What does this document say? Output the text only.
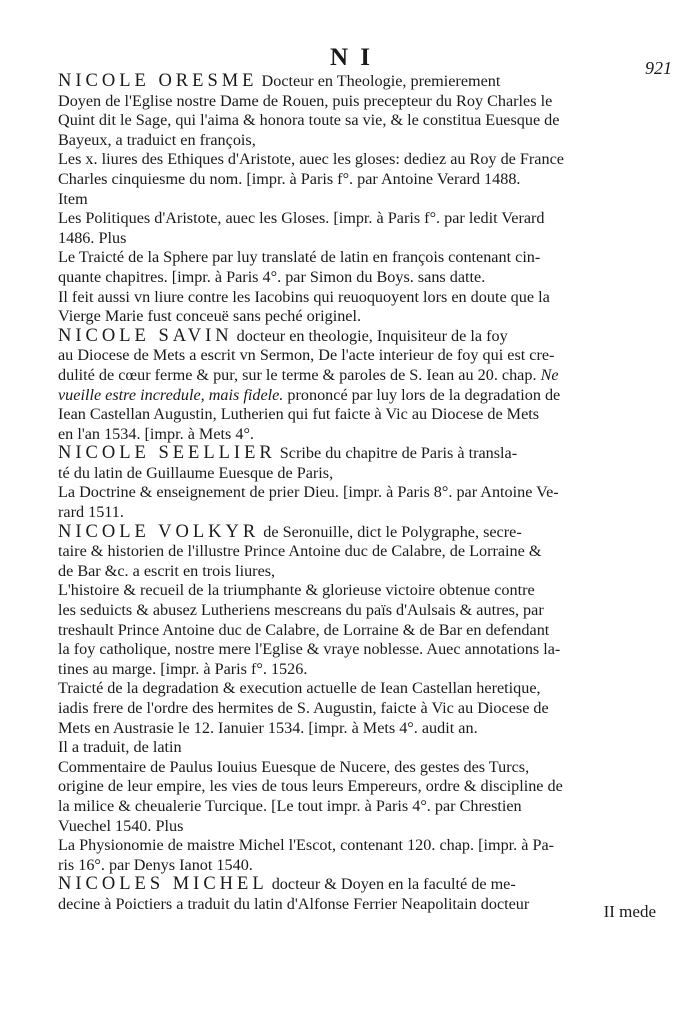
N I	921
NICOLE ORESME Docteur en Theologie, premierement
Doyen de l'Eglise nostre Dame de Rouen, puis precepteur du Roy Charles le
Quint dit le Sage, qui l'aima & honora toute sa vie, & le constitua Euesque de
Bayeux, a traduict en françois,
Les x. liures des Ethiques d'Aristote, auec les gloses: dediez au Roy de France
Charles cinquiesme du nom. [impr. à Paris f°. par Antoine Verard 1488.
Item
Les Politiques d'Aristote, auec les Gloses. [impr. à Paris f°. par ledit Verard
1486. Plus
Le Traicté de la Sphere par luy translaté de latin en françois contenant cin-
quante chapitres. [impr. à Paris 4°. par Simon du Boys. sans datte.
Il feit aussi vn liure contre les Iacobins qui reuoquoyent lors en doute que la
Vierge Marie fust conceuë sans peché originel.
NICOLE SAVIN docteur en theologie, Inquisiteur de la foy
au Diocese de Mets a escrit vn Sermon, De l'acte interieur de foy qui est cre-
dulité de cœur ferme & pur, sur le terme & paroles de S. Iean au 20. chap. Ne
vueille estre incredule, mais fidele. prononcé par luy lors de la degradation de
Iean Castellan Augustin, Lutherien qui fut faicte à Vic au Diocese de Mets
en l'an 1534. [impr. à Mets 4°.
NICOLE SEELLIER Scribe du chapitre de Paris à transla-
té du latin de Guillaume Euesque de Paris,
La Doctrine & enseignement de prier Dieu. [impr. à Paris 8°. par Antoine Ve-
rard 1511.
NICOLE VOLKYR de Seronuille, dict le Polygraphe, secre-
taire & historien de l'illustre Prince Antoine duc de Calabre, de Lorraine &
de Bar &c. a escrit en trois liures,
L'histoire & recueil de la triumphante & glorieuse victoire obtenue contre
les seduicts & abusez Lutheriens mescreans du païs d'Aulsais & autres, par
treshault Prince Antoine duc de Calabre, de Lorraine & de Bar en defendant
la foy catholique, nostre mere l'Eglise & vraye noblesse. Auec annotations la-
tines au marge. [impr. à Paris f°. 1526.
Traicté de la degradation & execution actuelle de Iean Castellan heretique,
iadis frere de l'ordre des hermites de S. Augustin, faicte à Vic au Diocese de
Mets en Austrasie le 12. Ianuier 1534. [impr. à Mets 4°. audit an.
Il a traduit, de latin
Commentaire de Paulus Iouius Euesque de Nucere, des gestes des Turcs,
origine de leur empire, les vies de tous leurs Empereurs, ordre & discipline de
la milice & cheualerie Turcique. [Le tout impr. à Paris 4°. par Chrestien
Vuechel 1540. Plus
La Physionomie de maistre Michel l'Escot, contenant 120. chap. [impr. à Pa-
ris 16°. par Denys Ianot 1540.
NICOLES MICHEL docteur & Doyen en la faculté de me-
decine à Poictiers a traduit du latin d'Alfonse Ferrier Neapolitain docteur	II mede
